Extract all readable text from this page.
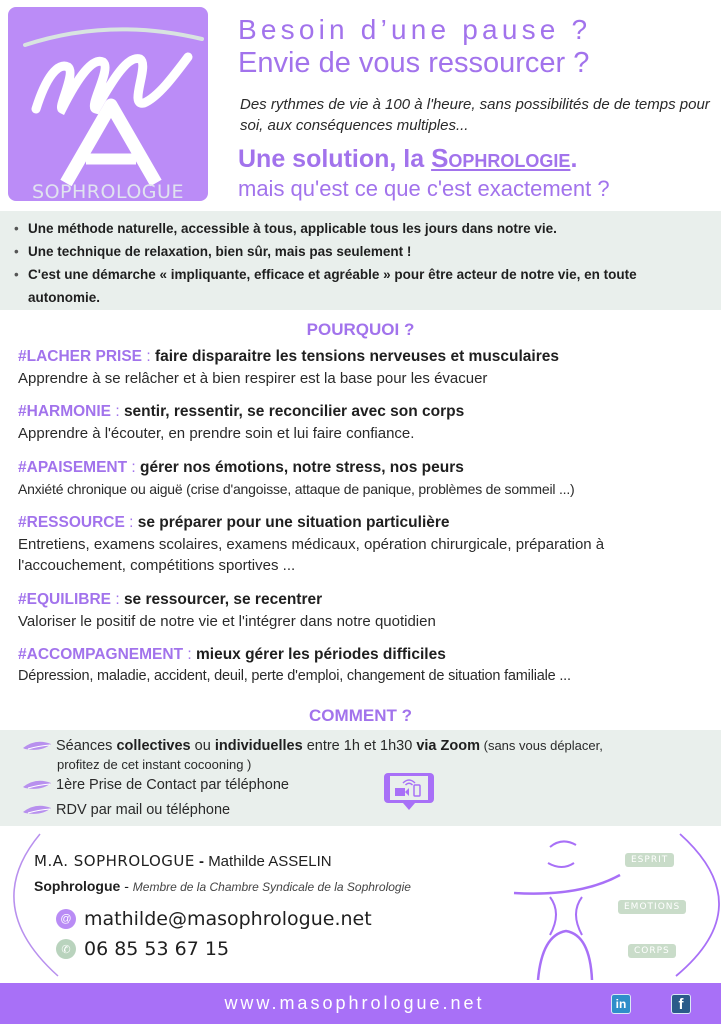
SOPHROLOGUE
Besoin d’une pause ?
Envie de vous ressourcer ?
Des rythmes de vie à 100 à l'heure, sans possibilités de de temps pour soi, aux conséquences multiples...
Une solution, la Sophrologie.
mais qu'est ce que c'est exactement ?
• Une méthode naturelle, accessible à tous, applicable tous les jours dans notre vie.
• Une technique de relaxation, bien sûr, mais pas seulement !
• C'est une démarche « impliquante, efficace et agréable » pour être acteur de notre vie, en toute autonomie.
POURQUOI ?
#LACHER PRISE : faire disparaitre les tensions nerveuses et musculaires
Apprendre à se relâcher et à bien respirer est la base pour les évacuer
#HARMONIE : sentir, ressentir, se reconcilier avec son corps
Apprendre à l'écouter, en prendre soin et lui faire confiance.
#APAISEMENT : gérer nos émotions, notre stress, nos peurs
Anxiété chronique ou aiguë (crise d'angoisse, attaque de panique, problèmes de sommeil ...)
#RESSOURCE : se préparer pour une situation particulière
Entretiens, examens scolaires, examens médicaux, opération chirurgicale, préparation à l'accouchement, compétitions sportives ...
#EQUILIBRE : se ressourcer, se recentrer
Valoriser le positif de notre vie et l'intégrer dans notre quotidien
#ACCOMPAGNEMENT : mieux gérer les périodes difficiles
Dépression, maladie, accident, deuil, perte d'emploi, changement de situation familiale ...
COMMENT ?
Séances collectives ou individuelles entre 1h et 1h30 via Zoom (sans vous déplacer,
profitez de cet instant cocooning )
1ère Prise de Contact par téléphone
RDV par mail ou téléphone
M.A. SOPHROLOGUE - Mathilde ASSELIN
Sophrologue - Membre de la Chambre Syndicale de la Sophrologie
@ mathilde@masophrologue.net
✆ 06 85 53 67 15
ESPRIT
EMOTIONS
CORPS
www.masophrologue.net	in	f
